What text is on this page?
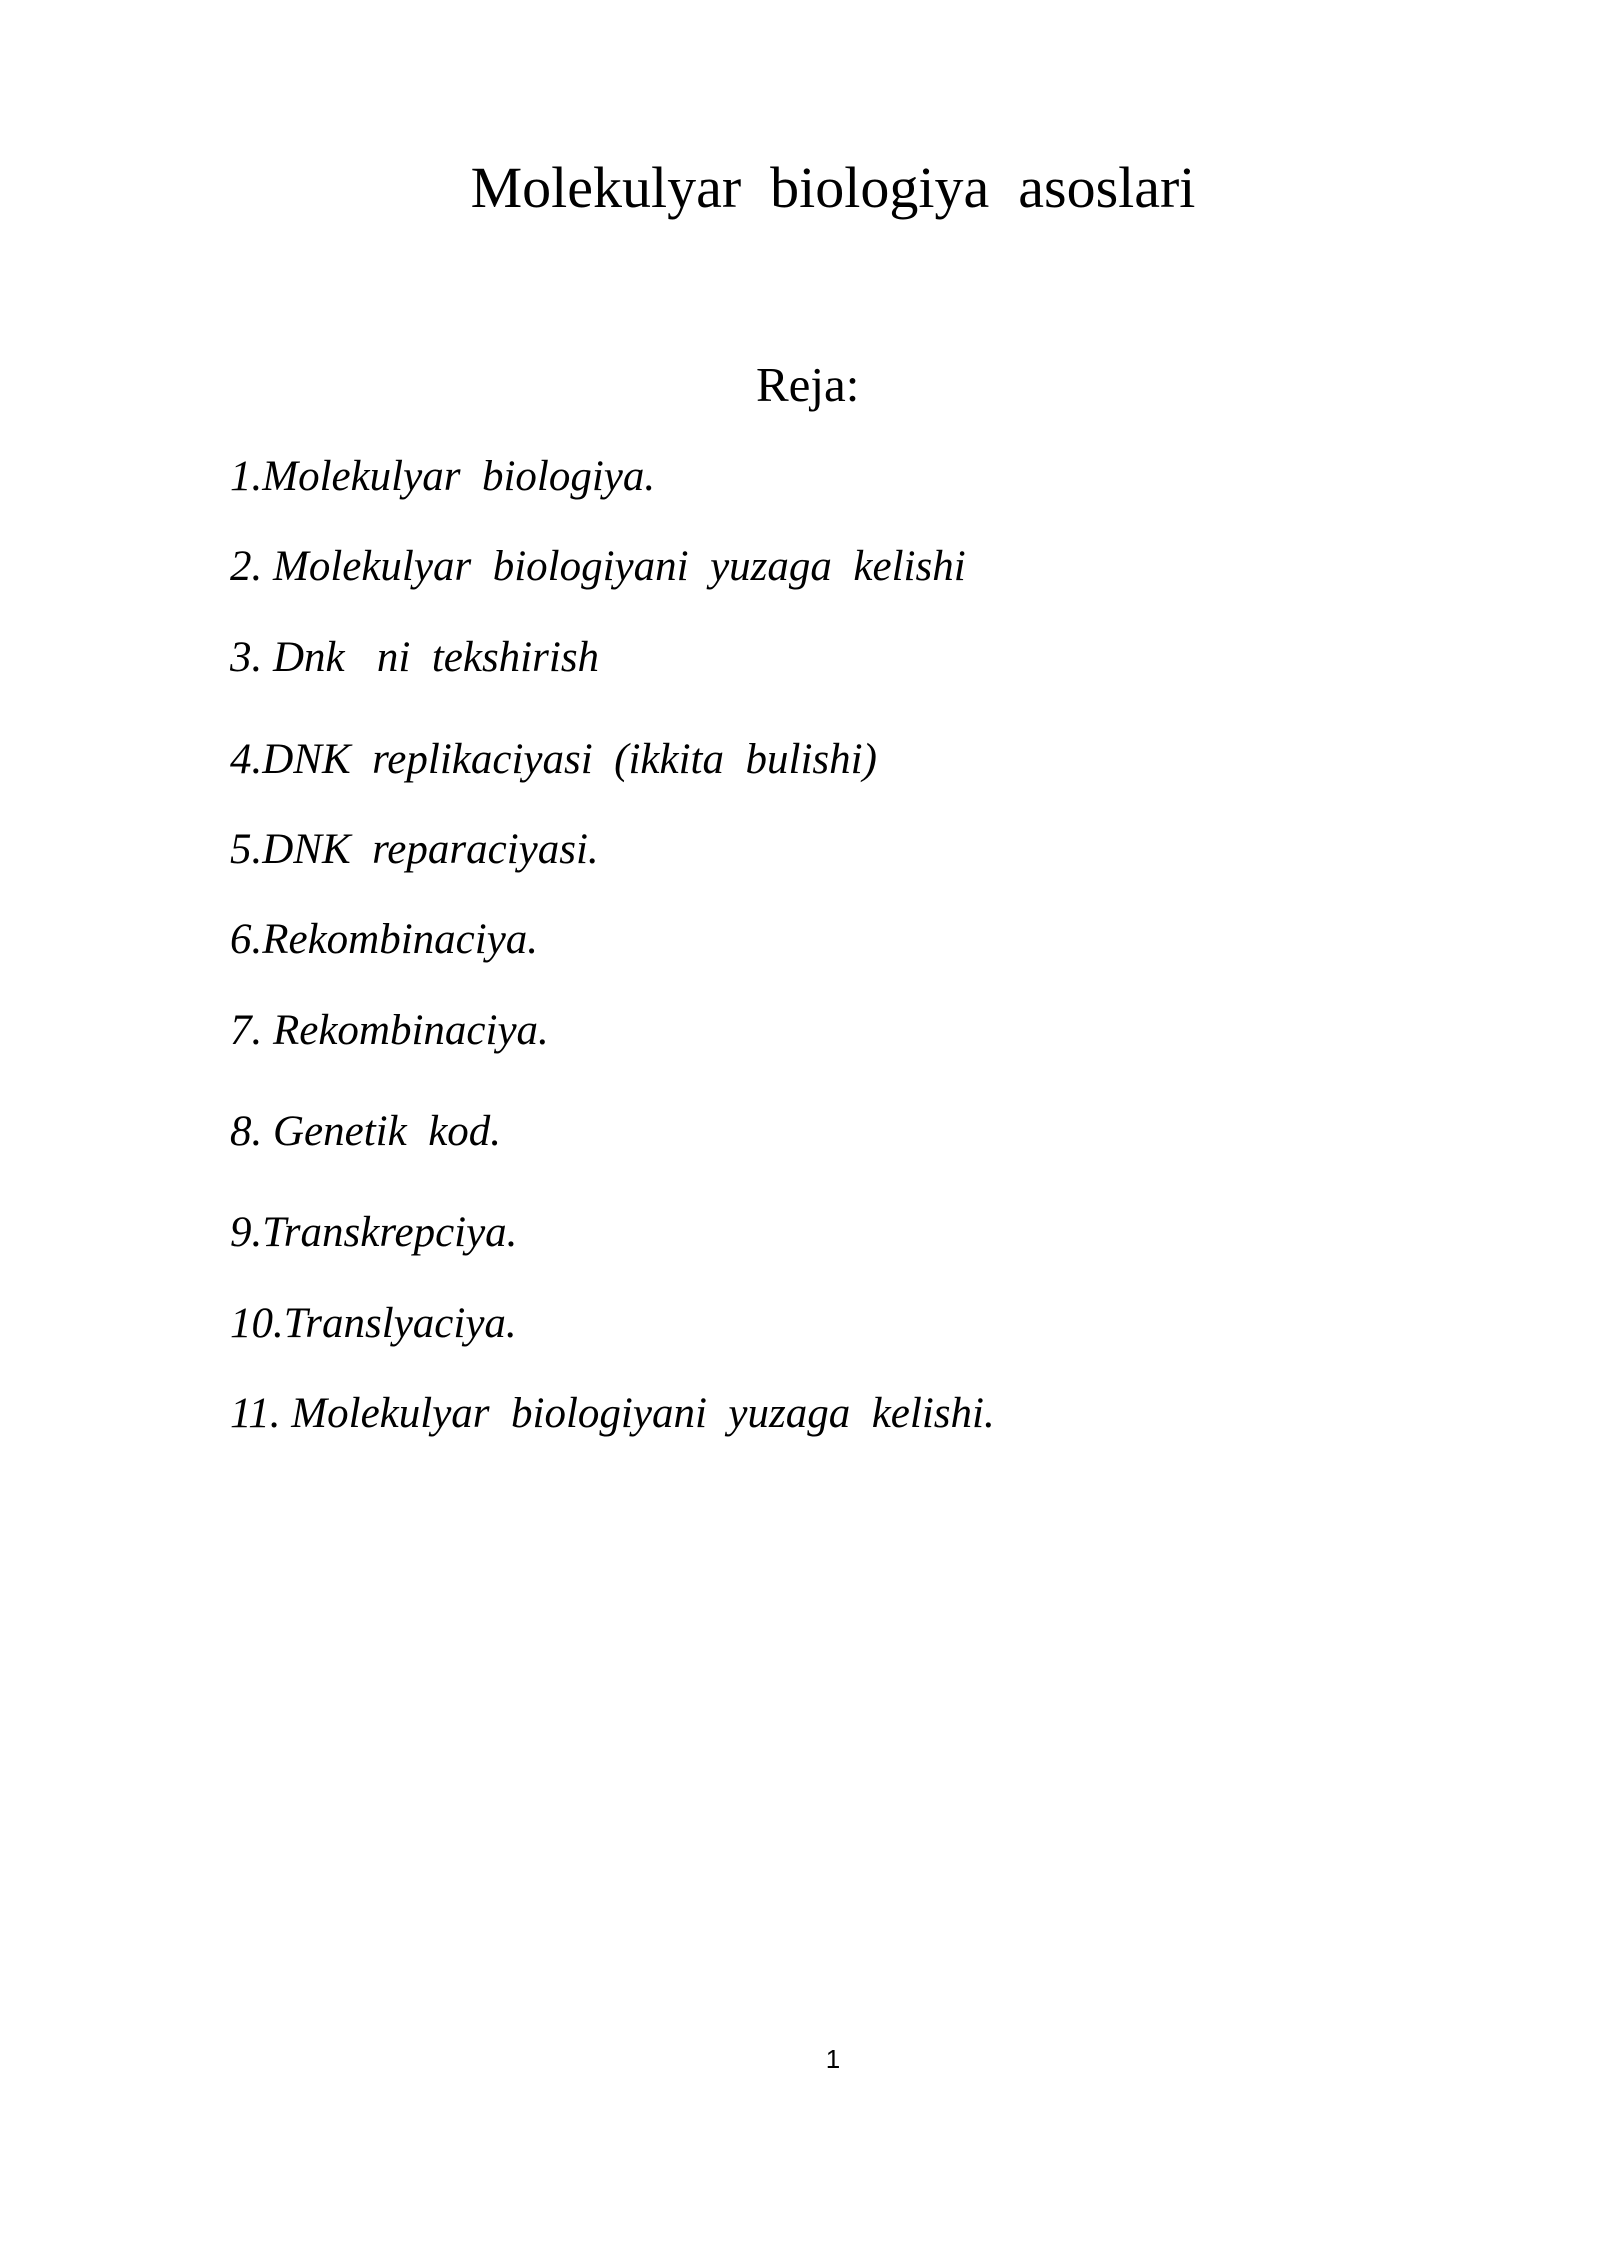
Molekulyar  biologiya  asoslari
Reja:
1.Molekulyar  biologiya.
2. Molekulyar  biologiyani  yuzaga  kelishi
3. Dnk   ni  tekshirish
4.DNK  replikaciyasi  (ikkita  bulishi)
5.DNK  reparaciyasi.
6.Rekombinaciya.
7. Rekombinaciya.
8. Genetik  kod.
9.Transkrepciya.
10.Translyaciya.
11. Molekulyar  biologiyani  yuzaga  kelishi.
1
